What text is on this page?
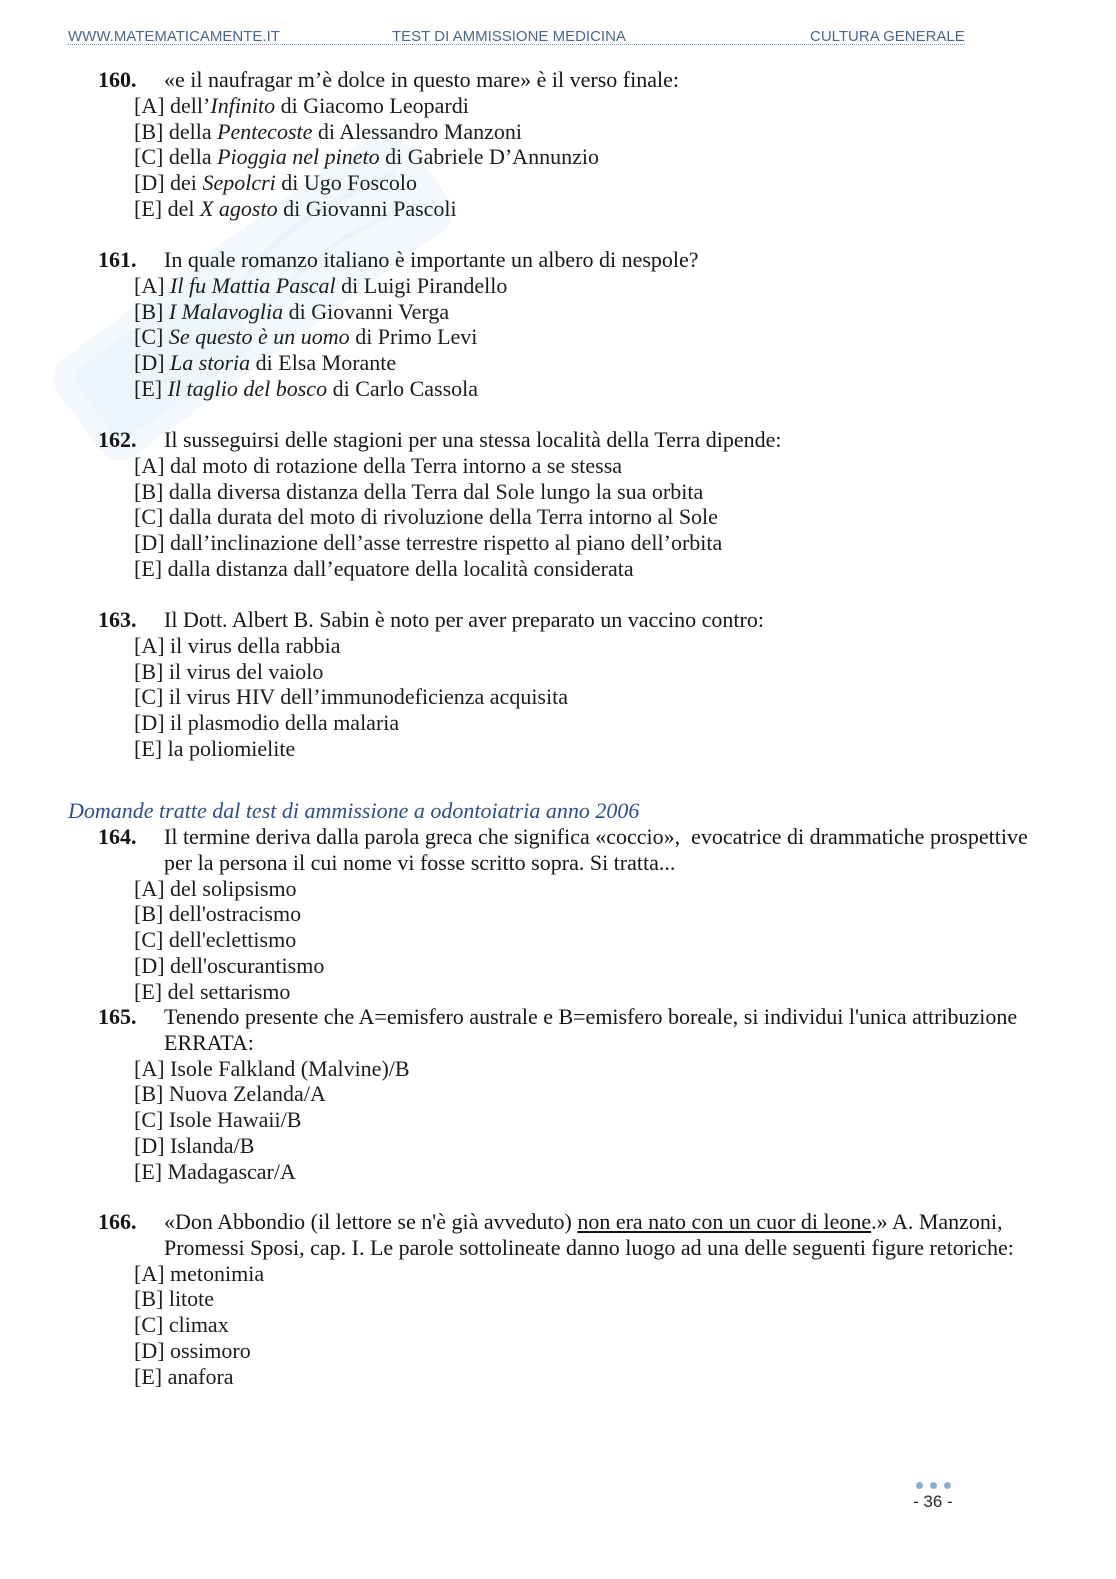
WWW.MATEMATICAMENTE.IT	TEST DI AMMISSIONE MEDICINA	CULTURA GENERALE
Domande tratte dal test di ammissione a odontoiatria anno 2006
- 36 -
160. «e il naufragar m’è dolce in questo mare» è il verso finale:
[A] dell’Infinito di Giacomo Leopardi
[B] della Pentecoste di Alessandro Manzoni
[C] della Pioggia nel pineto di Gabriele D’Annunzio
[D] dei Sepolcri di Ugo Foscolo
[E] del X agosto di Giovanni Pascoli
161. In quale romanzo italiano è importante un albero di nespole?
[A] Il fu Mattia Pascal di Luigi Pirandello
[B] I Malavoglia di Giovanni Verga
[C] Se questo è un uomo di Primo Levi
[D] La storia di Elsa Morante
[E] Il taglio del bosco di Carlo Cassola
162. Il susseguirsi delle stagioni per una stessa località della Terra dipende:
[A] dal moto di rotazione della Terra intorno a se stessa
[B] dalla diversa distanza della Terra dal Sole lungo la sua orbita
[C] dalla durata del moto di rivoluzione della Terra intorno al Sole
[D] dall’inclinazione dell’asse terrestre rispetto al piano dell’orbita
[E] dalla distanza dall’equatore della località considerata
163. Il Dott. Albert B. Sabin è noto per aver preparato un vaccino contro:
[A] il virus della rabbia
[B] il virus del vaiolo
[C] il virus HIV dell’immunodeficienza acquisita
[D] il plasmodio della malaria
[E] la poliomielite
164. Il termine deriva dalla parola greca che significa «coccio»,  evocatrice di drammatiche prospettive
per la persona il cui nome vi fosse scritto sopra. Si tratta...
[A] del solipsismo
[B] dell'ostracismo
[C] dell'eclettismo
[D] dell'oscurantismo
[E] del settarismo
165. Tenendo presente che A=emisfero australe e B=emisfero boreale, si individui l'unica attribuzione
ERRATA:
[A] Isole Falkland (Malvine)/B
[B] Nuova Zelanda/A
[C] Isole Hawaii/B
[D] Islanda/B
[E] Madagascar/A
166. «Don Abbondio (il lettore se n'è già avveduto) non era nato con un cuor di leone.» A. Manzoni,
Promessi Sposi, cap. I. Le parole sottolineate danno luogo ad una delle seguenti figure retoriche:
[A] metonimia
[B] litote
[C] climax
[D] ossimoro
[E] anafora
